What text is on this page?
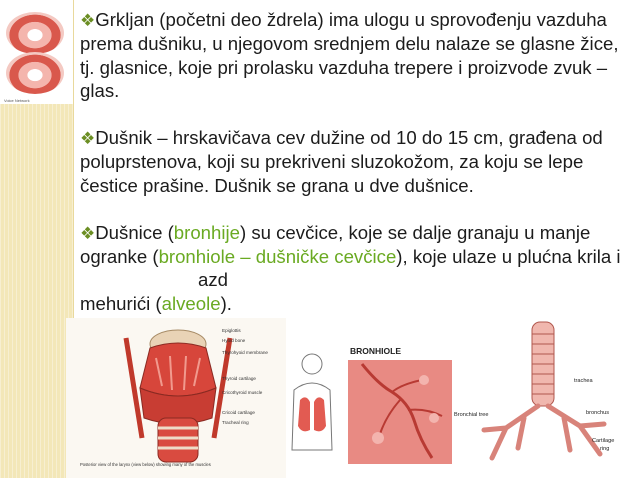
Voice Network
Epiglottis
Hyoid bone
Thyrohyoid membrane
Thyroid cartilage
Cricothyroid muscle
Cricoid cartilage
Tracheal ring
Posterior view of the larynx (view below) showing many of the muscles
BRONHIOLE
trachea
Bronchial tree	bronchus
Cartilage
ring

❖Grkljan (početni deo ždrela) ima ulogu u sprovođenju vazduha prema dušniku, u njegovom srednjem delu nalaze se glasne žice, tj. glasnice, koje pri prolasku vazduha trepere i proizvode zvuk – glas.

❖Dušnik – hrskavičava cev dužine od 10 do 15 cm, građena od poluprstenova, koji su prekriveni sluzokožom, za koju se lepe čestice prašine. Dušnik se grana u dve dušnice.

❖Dušnice (bronhije) su cevčice, koje se dalje granaju u manje ogranke (bronhiole – dušničke cevčice), koje ulaze u plućna krila iazd
mehurići (alveole).
